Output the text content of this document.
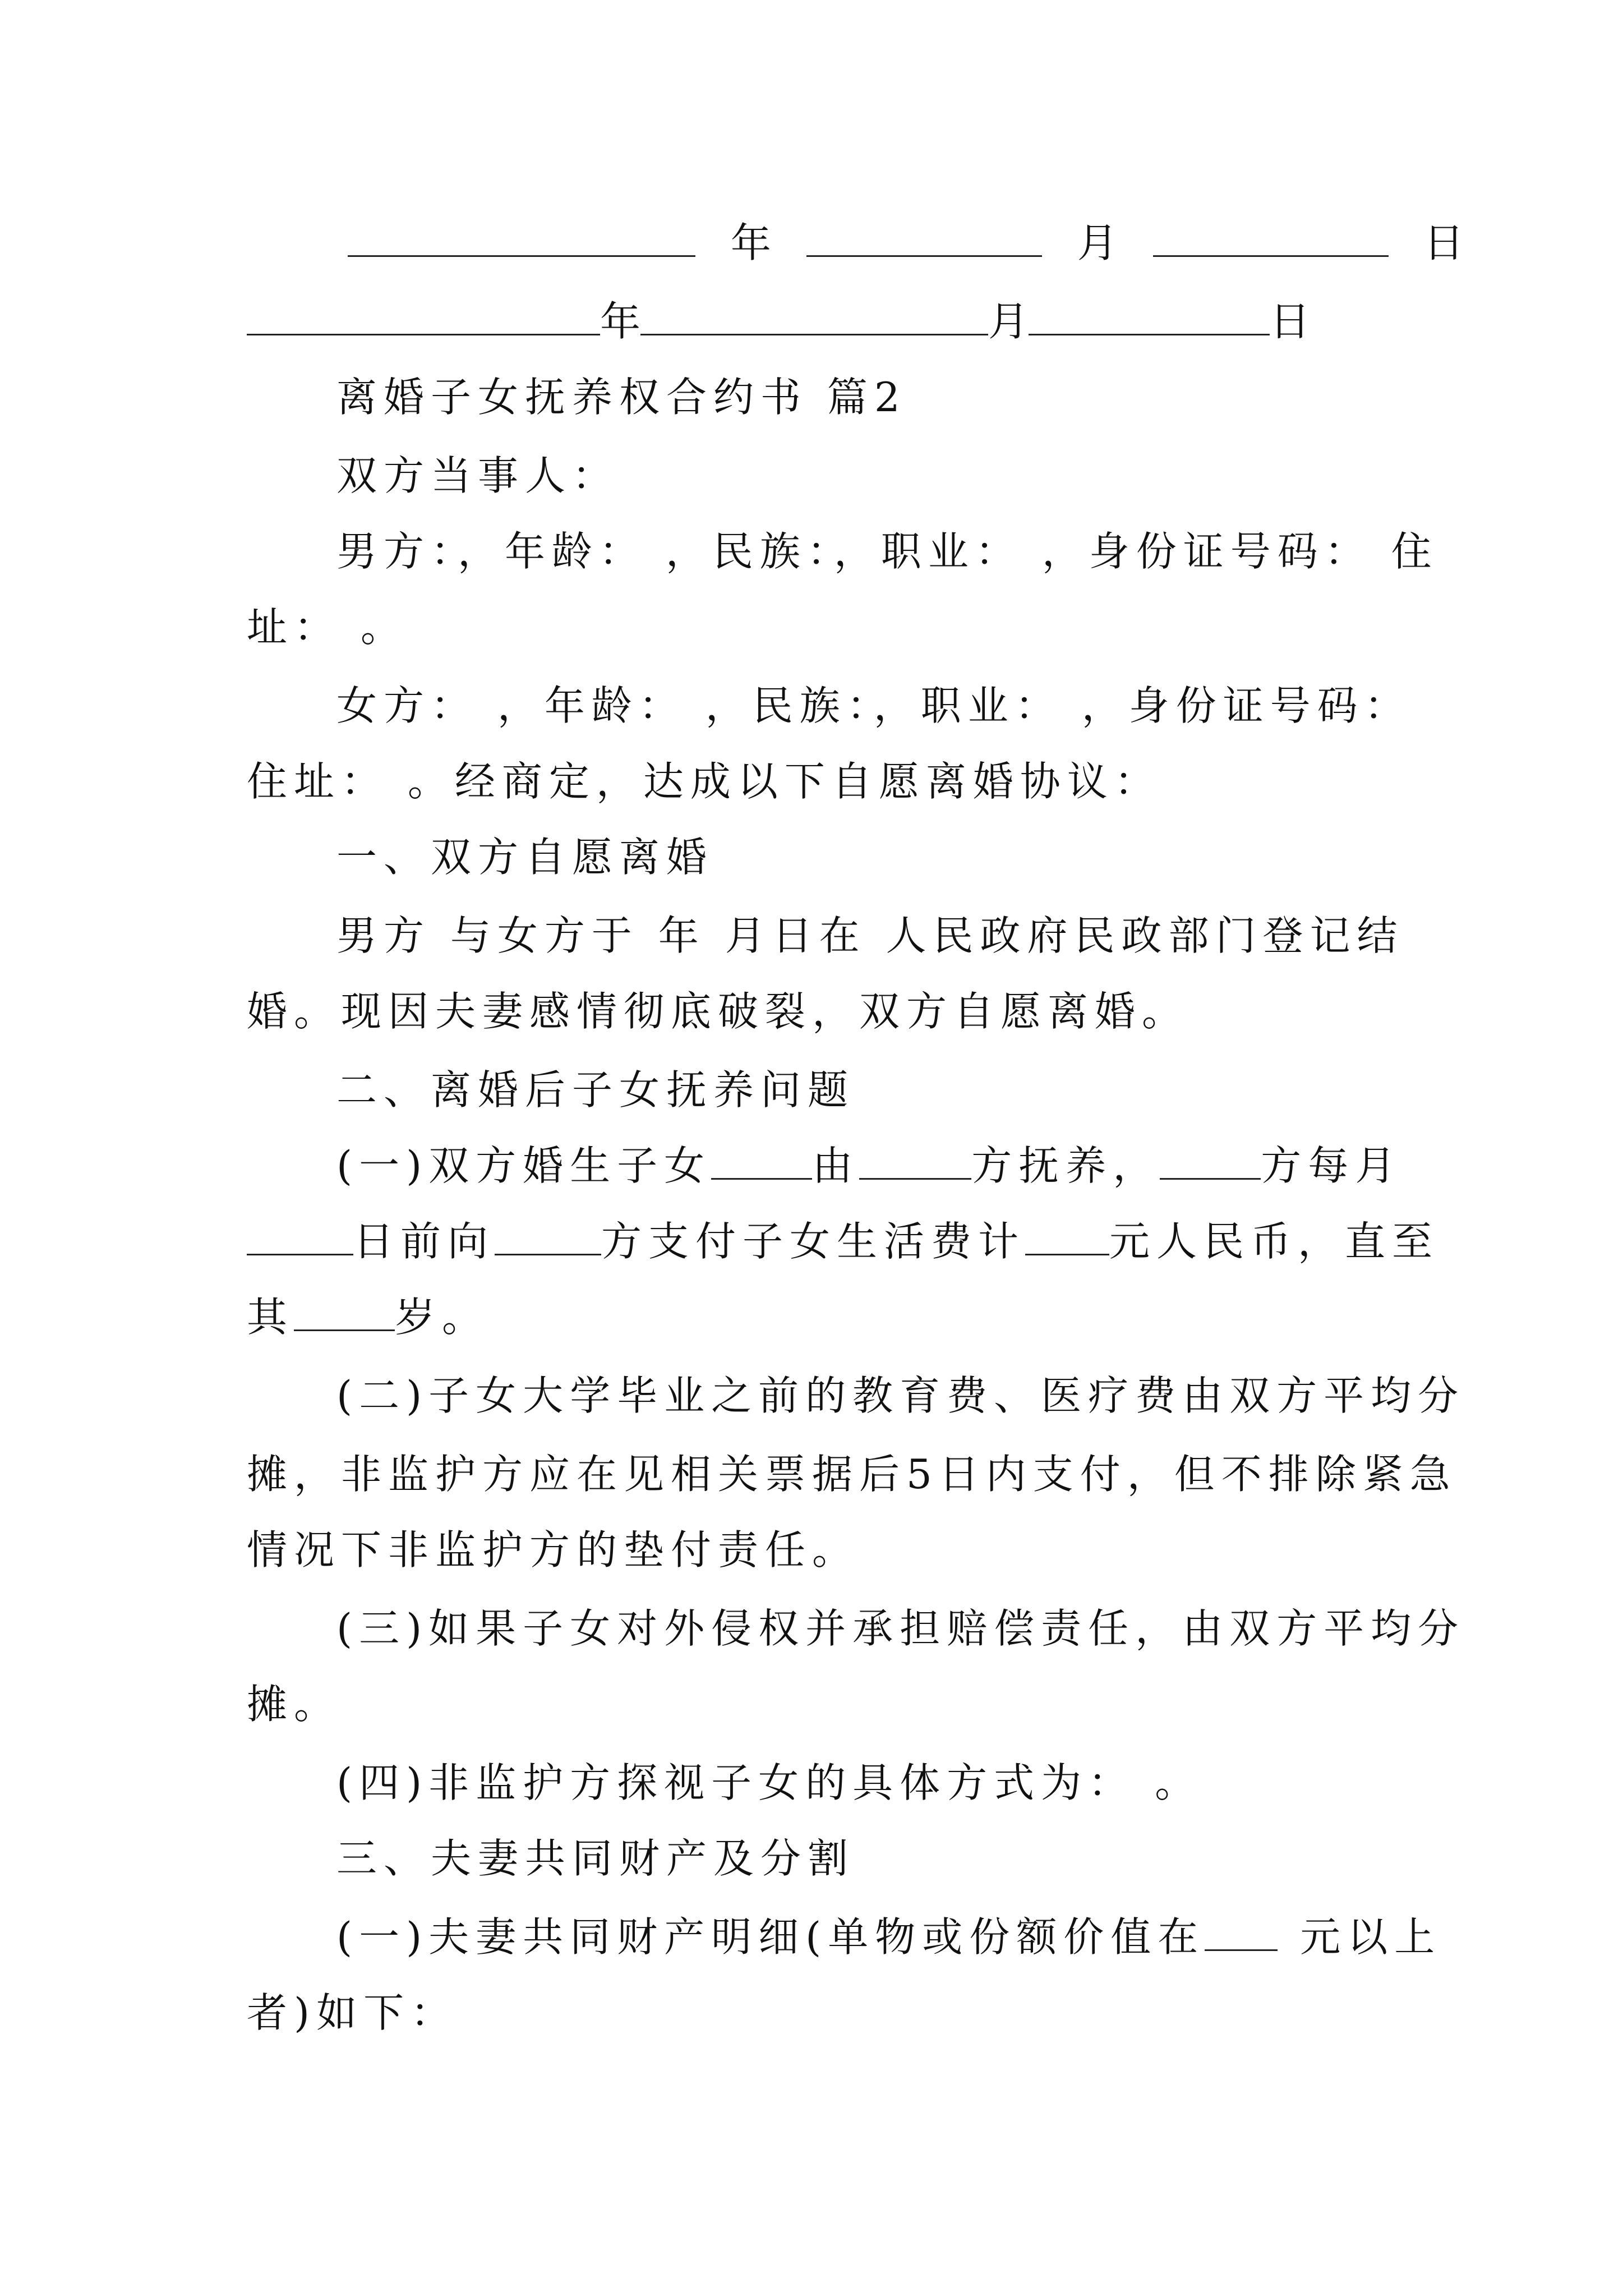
年	月	日
年	月	日
离婚子女抚养权合约书 篇2
双方当事人：
男方：，年龄： ，民族：，职业： ，身份证号码： 住
址： 。
女方： ，年龄： ，民族：，职业： ，身份证号码：
住址： 。经商定，达成以下自愿离婚协议：
一、双方自愿离婚
男方 与女方于 年 月日在 人民政府民政部门登记结
婚。现因夫妻感情彻底破裂，双方自愿离婚。
二、离婚后子女抚养问题
(一)双方婚生子女	由	方抚养，	方每月
日前向	方支付子女生活费计 元人民币，直至
其	岁。
(二)子女大学毕业之前的教育费、医疗费由双方平均分
摊，非监护方应在见相关票据后5日内支付，但不排除紧急
情况下非监护方的垫付责任。
(三)如果子女对外侵权并承担赔偿责任，由双方平均分
摊。
(四)非监护方探视子女的具体方式为： 。
三、夫妻共同财产及分割
(一)夫妻共同财产明细(单物或份额价值在 元以上
者)如下：
